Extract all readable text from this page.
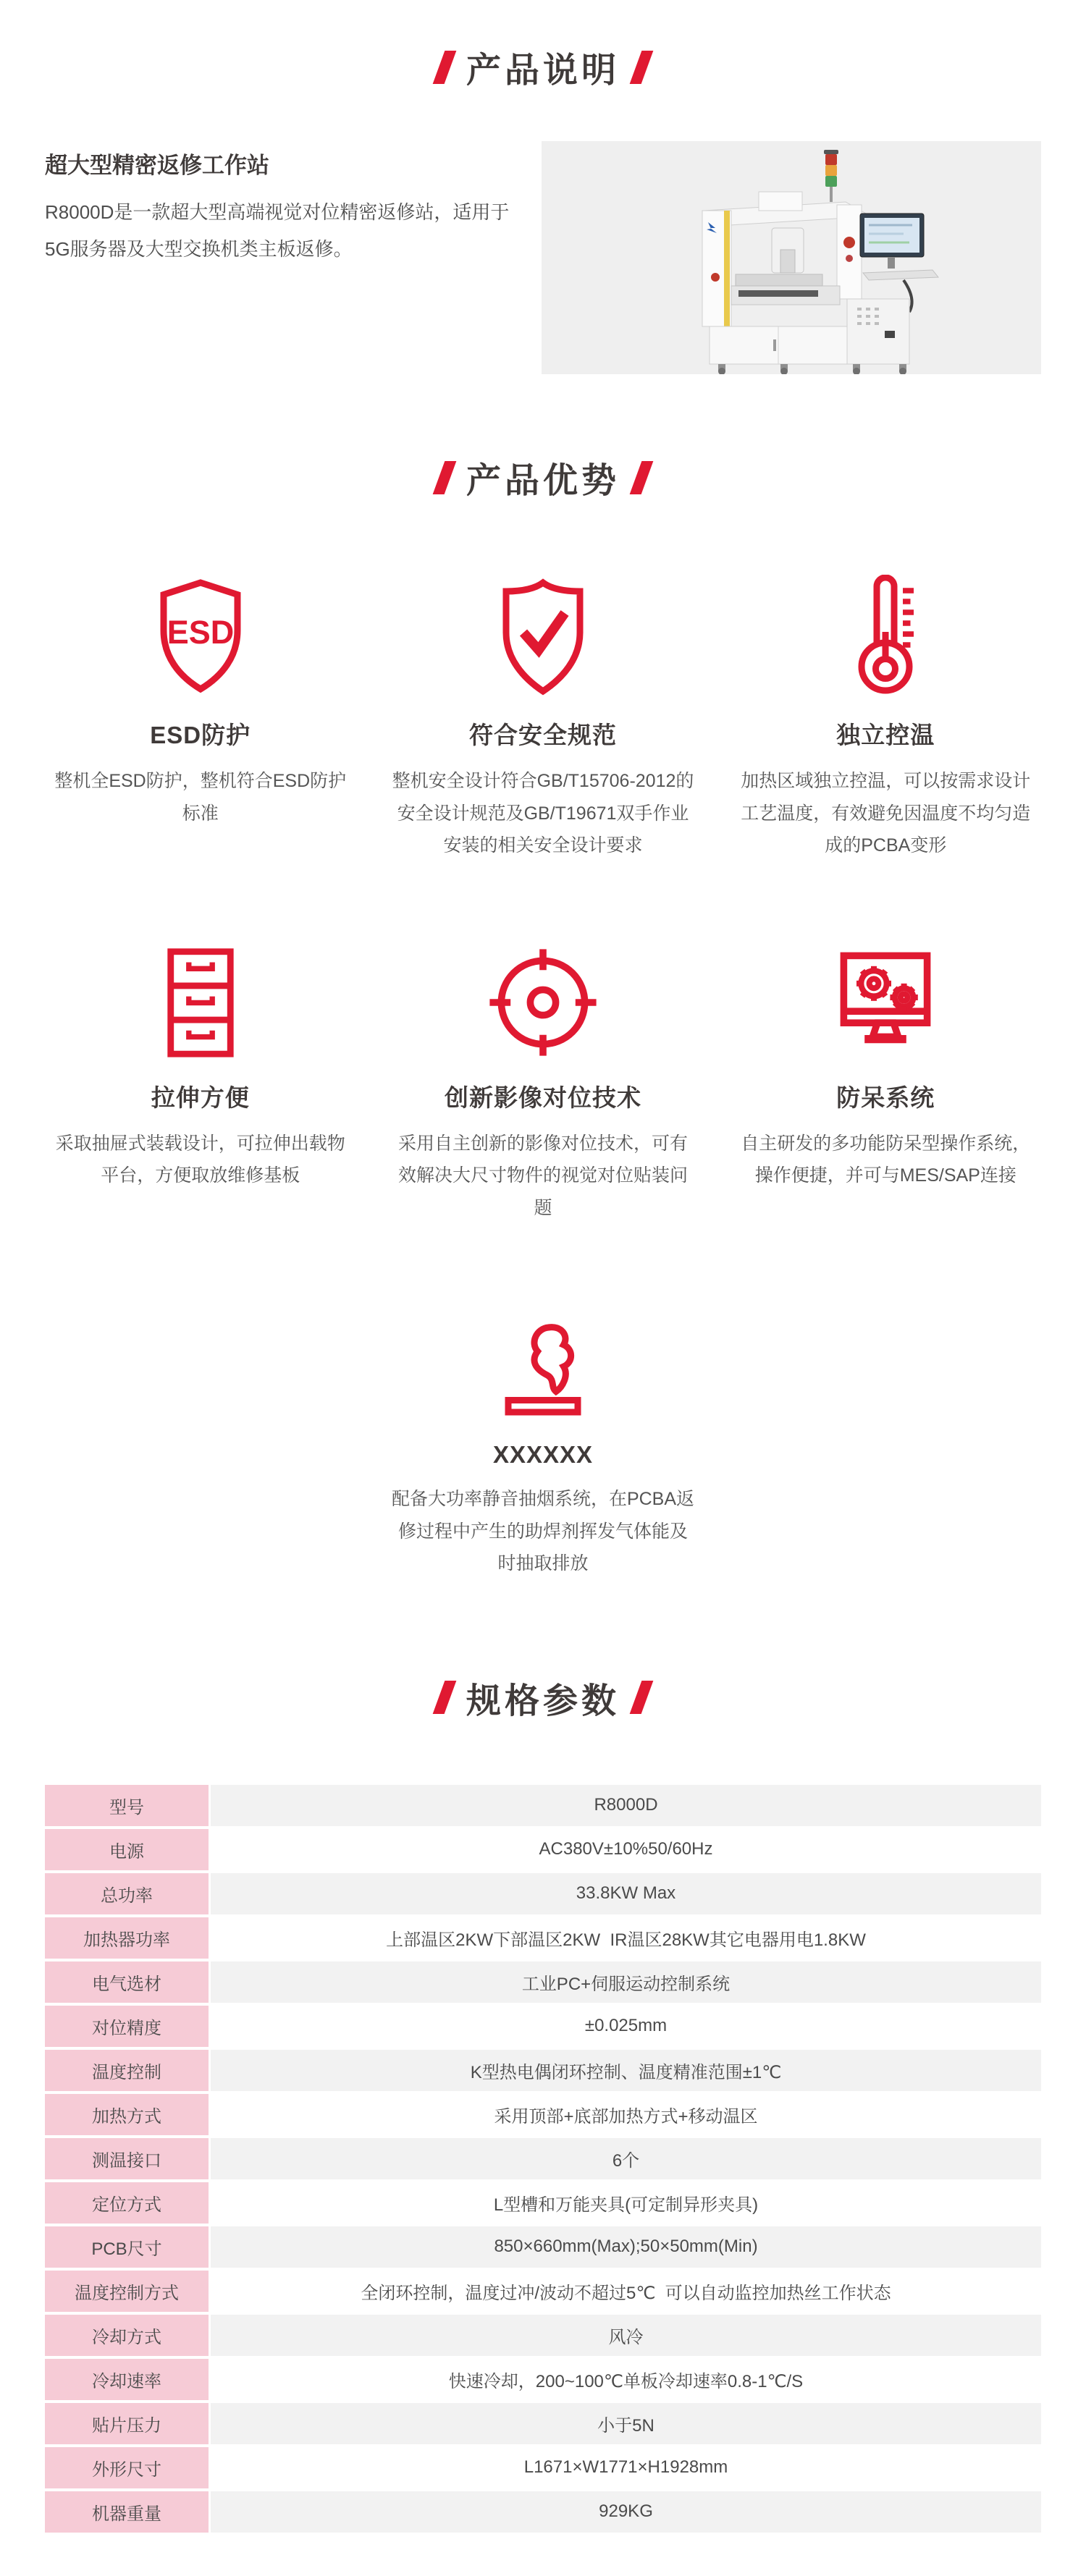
产品说明
超大型精密返修工作站

R8000D是一款超大型高端视觉对位精密返修站，适用于5G服务器及大型交换机类主板返修。

产品优势
ESD
ESD防护

整机全ESD防护，整机符合ESD防护标准

符合安全规范

整机安全设计符合GB/T15706-2012的安全设计规范及GB/T19671双手作业安装的相关安全设计要求

独立控温

加热区域独立控温，可以按需求设计工艺温度，有效避免因温度不均匀造成的PCBA变形

拉伸方便

采取抽屉式装载设计，可拉伸出载物平台，方便取放维修基板

创新影像对位技术

采用自主创新的影像对位技术，可有效解决大尺寸物件的视觉对位贴装问题

防呆系统

自主研发的多功能防呆型操作系统，操作便捷，并可与MES/SAP连接

XXXXXX

配备大功率静音抽烟系统，在PCBA返修过程中产生的助焊剂挥发气体能及时抽取排放

规格参数
型号	R8000D
电源	AC380V±10%50/60Hz
总功率	33.8KW Max
加热器功率	上部温区2KW下部温区2KW  IR温区28KW其它电器用电1.8KW
电气选材	工业PC+伺服运动控制系统
对位精度	±0.025mm
温度控制	K型热电偶闭环控制、温度精准范围±1℃
加热方式	采用顶部+底部加热方式+移动温区
测温接口	6个
定位方式	L型槽和万能夹具(可定制异形夹具)
PCB尺寸	850×660mm(Max);50×50mm(Min)
温度控制方式	全闭环控制，温度过冲/波动不超过5℃  可以自动监控加热丝工作状态
冷却方式	风冷
冷却速率	快速冷却，200~100℃单板冷却速率0.8-1℃/S
贴片压力	小于5N
外形尺寸	L1671×W1771×H1928mm
机器重量	929KG
